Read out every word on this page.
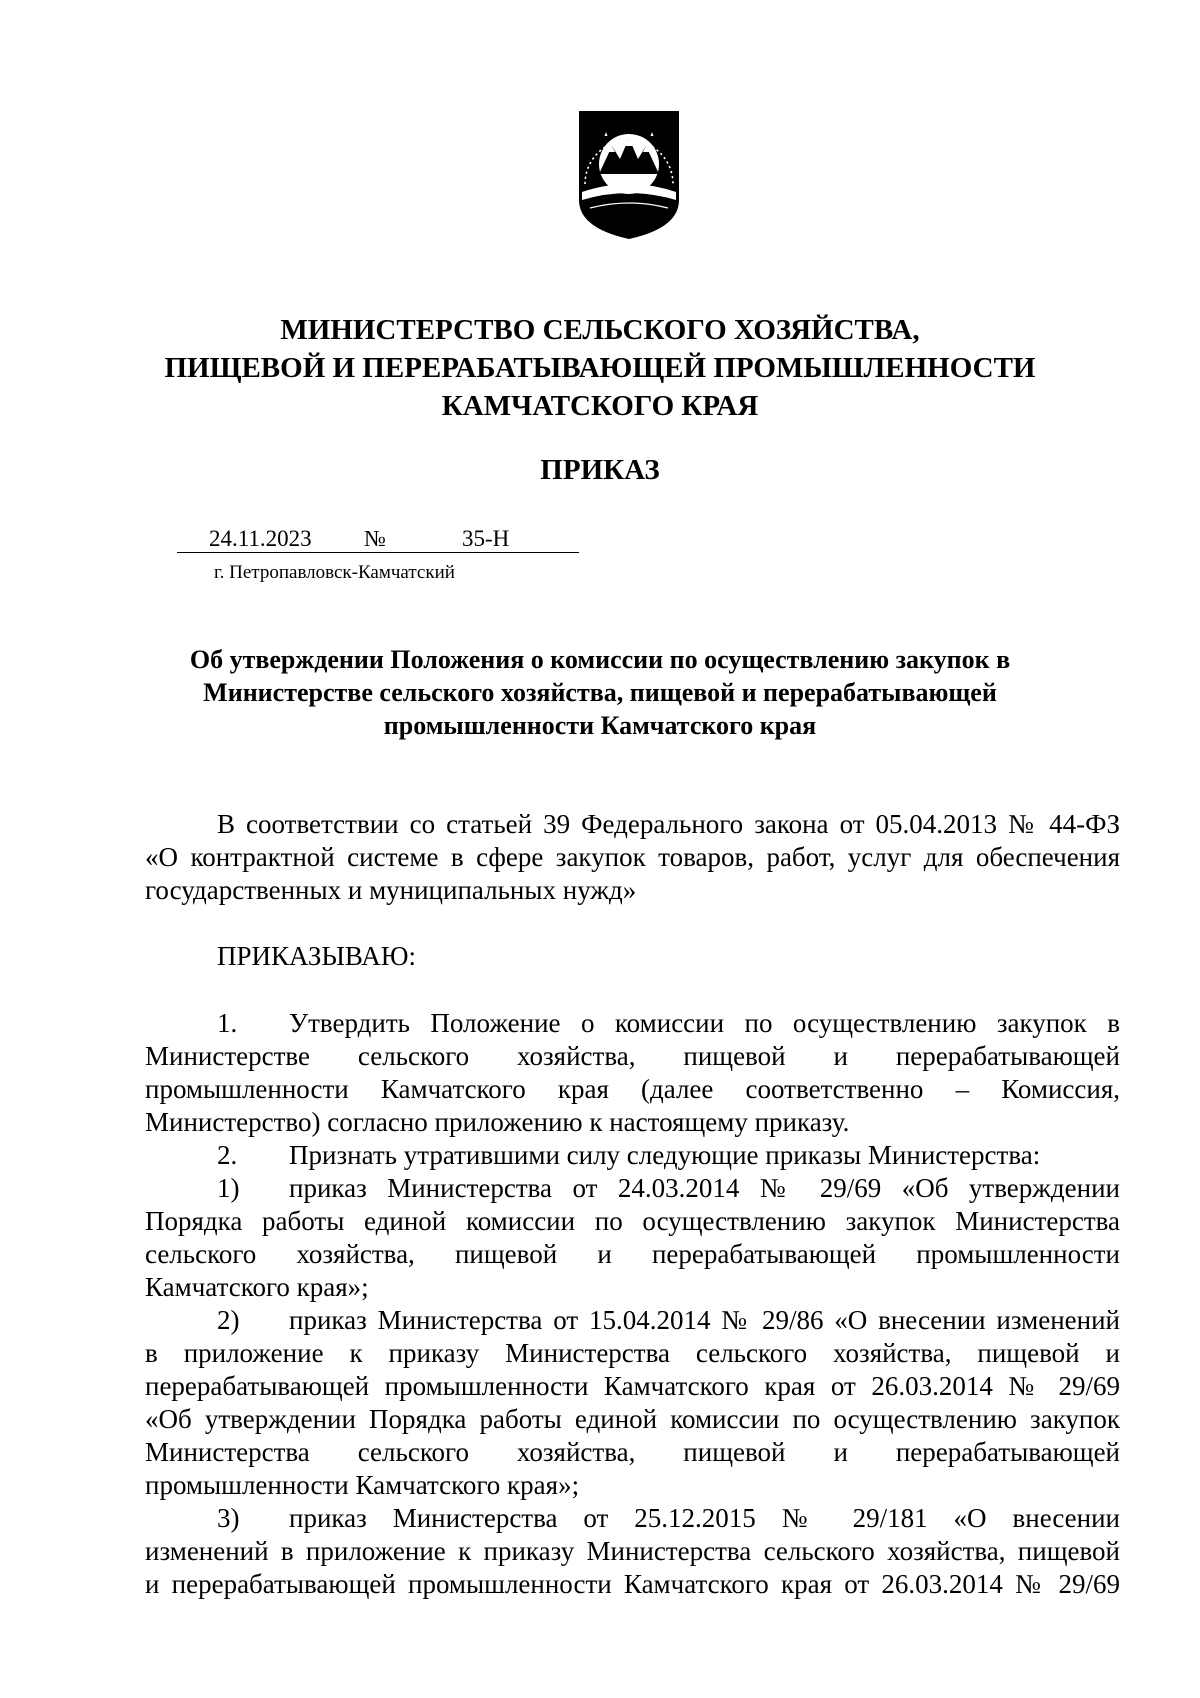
МИНИСТЕРСТВО СЕЛЬСКОГО ХОЗЯЙСТВА,

ПИЩЕВОЙ И ПЕРЕРАБАТЫВАЮЩЕЙ ПРОМЫШЛЕННОСТИ

КАМЧАТСКОГО КРАЯ

ПРИКАЗ

24.11.2023 №	35-Н
г. Петропавловск-Камчатский

Об утверждении Положения о комиссии по осуществлению закупок в

Министерстве сельского хозяйства, пищевой и перерабатывающей

промышленности Камчатского края

В соответствии со статьей 39 Федерального закона от 05.04.2013 № 44-ФЗ

«О контрактной системе в сфере закупок товаров, работ, услуг для обеспечения

государственных и муниципальных нужд»

ПРИКАЗЫВАЮ:

1. Утвердить Положение о комиссии по осуществлению закупок в

Министерстве сельского хозяйства, пищевой и перерабатывающей

промышленности Камчатского края (далее соответственно – Комиссия,

Министерство) согласно приложению к настоящему приказу.

2. Признать утратившими силу следующие приказы Министерства:

1) приказ Министерства от 24.03.2014 № 29/69 «Об утверждении

Порядка работы единой комиссии по осуществлению закупок Министерства

сельского хозяйства, пищевой и перерабатывающей промышленности

Камчатского края»;

2) приказ Министерства от 15.04.2014 № 29/86 «О внесении изменений

в приложение к приказу Министерства сельского хозяйства, пищевой и

перерабатывающей промышленности Камчатского края от 26.03.2014 № 29/69

«Об утверждении Порядка работы единой комиссии по осуществлению закупок

Министерства сельского хозяйства, пищевой и перерабатывающей

промышленности Камчатского края»;

3) приказ Министерства от 25.12.2015 № 29/181 «О внесении

изменений в приложение к приказу Министерства сельского хозяйства, пищевой

и перерабатывающей промышленности Камчатского края от 26.03.2014 № 29/69
